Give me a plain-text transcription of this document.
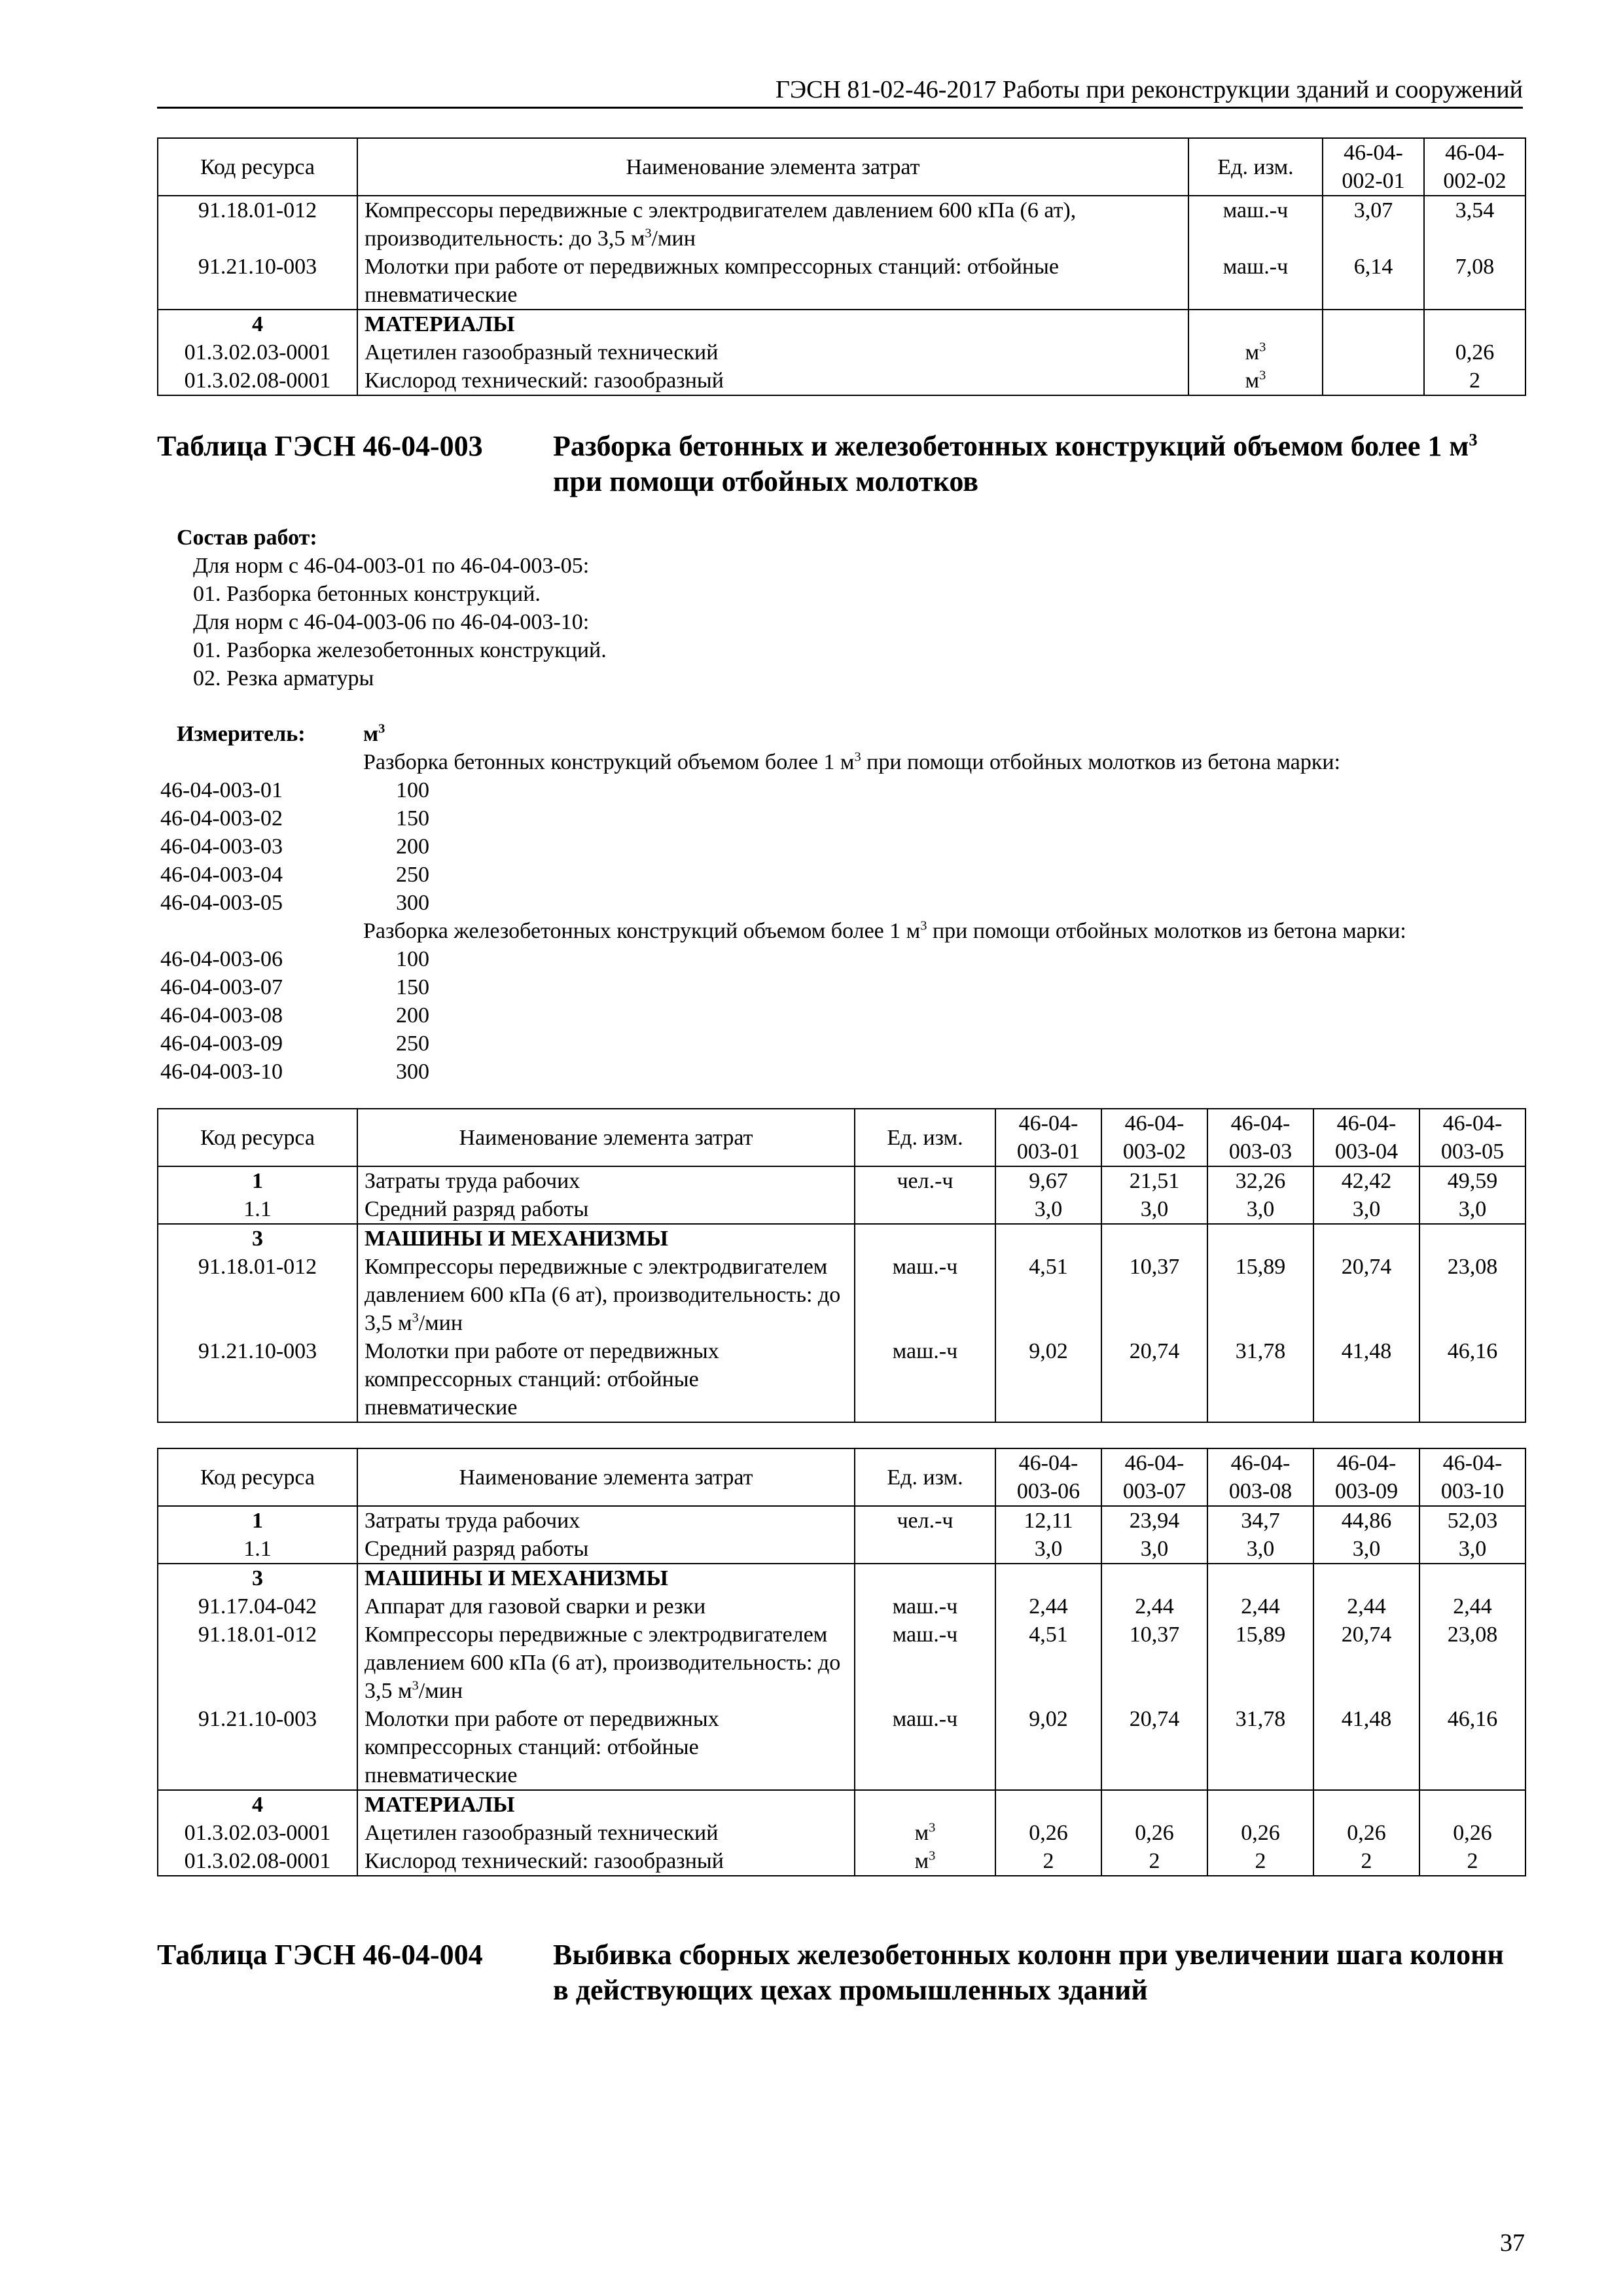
ГЭСН 81-02-46-2017 Работы при реконструкции зданий и сооружений
Код ресурса	Наименование элемента затрат	Ед. изм.	46-04-002-01	46-04-002-02
91.18.01-012	Компрессоры передвижные с электродвигателем давлением 600 кПа (6 ат), производительность: до 3,5 $м^3$/мин	маш.-ч	3,07	3,54
91.21.10-003	Молотки при работе от передвижных компрессорных станций: отбойные пневматические	маш.-ч	6,14	7,08
4	МАТЕРИАЛЫ			
01.3.02.03-0001	Ацетилен газообразный технический	$м^3$		0,26
01.3.02.08-0001	Кислород технический: газообразный	$м^3$		2
Таблица ГЭСН 46-04-003 Разборка бетонных и железобетонных конструкций объемом более 1 $м^3$ при помощи отбойных молотков
Состав работ:
Для норм с 46-04-003-01 по 46-04-003-05:
01. Разборка бетонных конструкций.
Для норм с 46-04-003-06 по 46-04-003-10:
01. Разборка железобетонных конструкций.
02. Резка арматуры
Измеритель:	$м^3$
Разборка бетонных конструкций объемом более 1 $м^3$ при помощи отбойных молотков из бетона марки:
46-04-003-01	100
46-04-003-02	150
46-04-003-03	200
46-04-003-04	250
46-04-003-05	300
Разборка железобетонных конструкций объемом более 1 $м^3$ при помощи отбойных молотков из бетона марки:
46-04-003-06	100
46-04-003-07	150
46-04-003-08	200
46-04-003-09	250
46-04-003-10	300
Код ресурса	Наименование элемента затрат	Ед. изм.	46-04-003-01	46-04-003-02	46-04-003-03	46-04-003-04	46-04-003-05
1	Затраты труда рабочих	чел.-ч	9,67	21,51	32,26	42,42	49,59
1.1	Средний разряд работы		3,0	3,0	3,0	3,0	3,0
3	МАШИНЫ И МЕХАНИЗМЫ						
91.18.01-012	Компрессоры передвижные с электродвигателем давлением 600 кПа (6 ат), производительность: до 3,5 $м^3$/мин	маш.-ч	4,51	10,37	15,89	20,74	23,08
91.21.10-003	Молотки при работе от передвижных компрессорных станций: отбойные пневматические	маш.-ч	9,02	20,74	31,78	41,48	46,16
Код ресурса	Наименование элемента затрат	Ед. изм.	46-04-003-06	46-04-003-07	46-04-003-08	46-04-003-09	46-04-003-10
1	Затраты труда рабочих	чел.-ч	12,11	23,94	34,7	44,86	52,03
1.1	Средний разряд работы		3,0	3,0	3,0	3,0	3,0
3	МАШИНЫ И МЕХАНИЗМЫ						
91.17.04-042	Аппарат для газовой сварки и резки	маш.-ч	2,44	2,44	2,44	2,44	2,44
91.18.01-012	Компрессоры передвижные с электродвигателем давлением 600 кПа (6 ат), производительность: до 3,5 $м^3$/мин	маш.-ч	4,51	10,37	15,89	20,74	23,08
91.21.10-003	Молотки при работе от передвижных компрессорных станций: отбойные пневматические	маш.-ч	9,02	20,74	31,78	41,48	46,16
4	МАТЕРИАЛЫ						
01.3.02.03-0001	Ацетилен газообразный технический	$м^3$	0,26	0,26	0,26	0,26	0,26
01.3.02.08-0001	Кислород технический: газообразный	$м^3$	2	2	2	2	2
Таблица ГЭСН 46-04-004 Выбивка сборных железобетонных колонн при увеличении шага колонн в действующих цехах промышленных зданий
37
